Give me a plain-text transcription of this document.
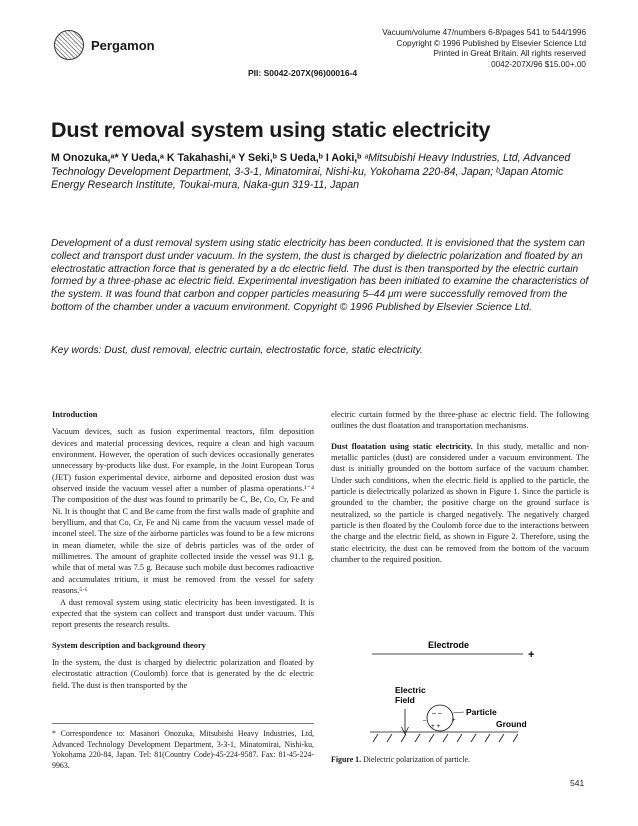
Pergamon
Vacuum/volume 47/numbers 6-8/pages 541 to 544/1996
Copyright © 1996 Published by Elsevier Science Ltd
Printed in Great Britain. All rights reserved
0042-207X/96 $15.00+.00
PII: S0042-207X(96)00016-4
Dust removal system using static electricity
M Onozuka,ᵃ* Y Ueda,ᵃ K Takahashi,ᵃ Y Seki,ᵇ S Ueda,ᵇ I Aoki,ᵇ ᵃMitsubishi Heavy Industries, Ltd, Advanced Technology Development Department, 3-3-1, Minatomirai, Nishi-ku, Yokohama 220-84, Japan; ᵇJapan Atomic Energy Research Institute, Toukai-mura, Naka-gun 319-11, Japan
Development of a dust removal system using static electricity has been conducted. It is envisioned that the system can collect and transport dust under vacuum. In the system, the dust is charged by dielectric polarization and floated by an electrostatic attraction force that is generated by a dc electric field. The dust is then transported by the electric curtain formed by a three-phase ac electric field. Experimental investigation has been initiated to examine the characteristics of the system. It was found that carbon and copper particles measuring 5–44 μm were successfully removed from the bottom of the chamber under a vacuum environment. Copyright © 1996 Published by Elsevier Science Ltd.
Key words: Dust, dust removal, electric curtain, electrostatic force, static electricity.
Introduction

Vacuum devices, such as fusion experimental reactors, film deposition devices and material processing devices, require a clean and high vacuum environment. However, the operation of such devices occasionally generates unnecessary by-products like dust. For example, in the Joint European Torus (JET) fusion experimental device, airborne and deposited erosion dust was observed inside the vacuum vessel after a number of plasma operations.¹⁻⁴ The composition of the dust was found to primarily be C, Be, Co, Cr, Fe and Ni. It is thought that C and Be came from the first walls made of graphite and beryllium, and that Co, Cr, Fe and Ni came from the vacuum vessel made of inconel steel. The size of the airborne particles was found to be a few microns in mean diameter, while the size of debris particles was of the order of millimetres. The amount of graphite collected inside the vessel was 91.1 g, while that of metal was 7.5 g. Because such mobile dust becomes radioactive and accumulates tritium, it must be removed from the vessel for safety reasons.⁵ˑ⁶

A dust removal system using static electricity has been investigated. It is expected that the system can collect and transport dust under vacuum. This report presents the research results.

System description and background theory

In the system, the dust is charged by dielectric polarization and floated by electrostatic attraction (Coulomb) force that is generated by the dc electric field. The dust is then transported by the

* Correspondence to: Masanori Onozuka, Mitsubishi Heavy Industries, Ltd, Advanced Technology Development Department, 3-3-1, Minatomirai, Nishi-ku, Yokohama 220-84, Japan. Tel: 81(Country Code)-45-224-9587. Fax: 81-45-224-9963.

electric curtain formed by the three-phase ac electric field. The following outlines the dust floatation and transportation mechanisms.

Dust floatation using static electricity. In this study, metallic and non-metallic particles (dust) are considered under a vacuum environment. The dust is initially grounded on the bottom surface of the vacuum chamber. Under such conditions, when the electric field is applied to the particle, the particle is dielectrically polarized as shown in Figure 1. Since the particle is grounded to the chamber, the positive charge on the ground surface is neutralized, so the particle is charged negatively. The negatively charged particle is then floated by the Coulomb force due to the interactions between the charge and the electric field, as shown in Figure 2. Therefore, using the static electricity, the dust can be removed from the bottom of the vacuum chamber to the required position.

Electrode
+
Electric
Field
– –
+ +
–	+
Particle
Ground
Figure 1. Dielectric polarization of particle.
541
